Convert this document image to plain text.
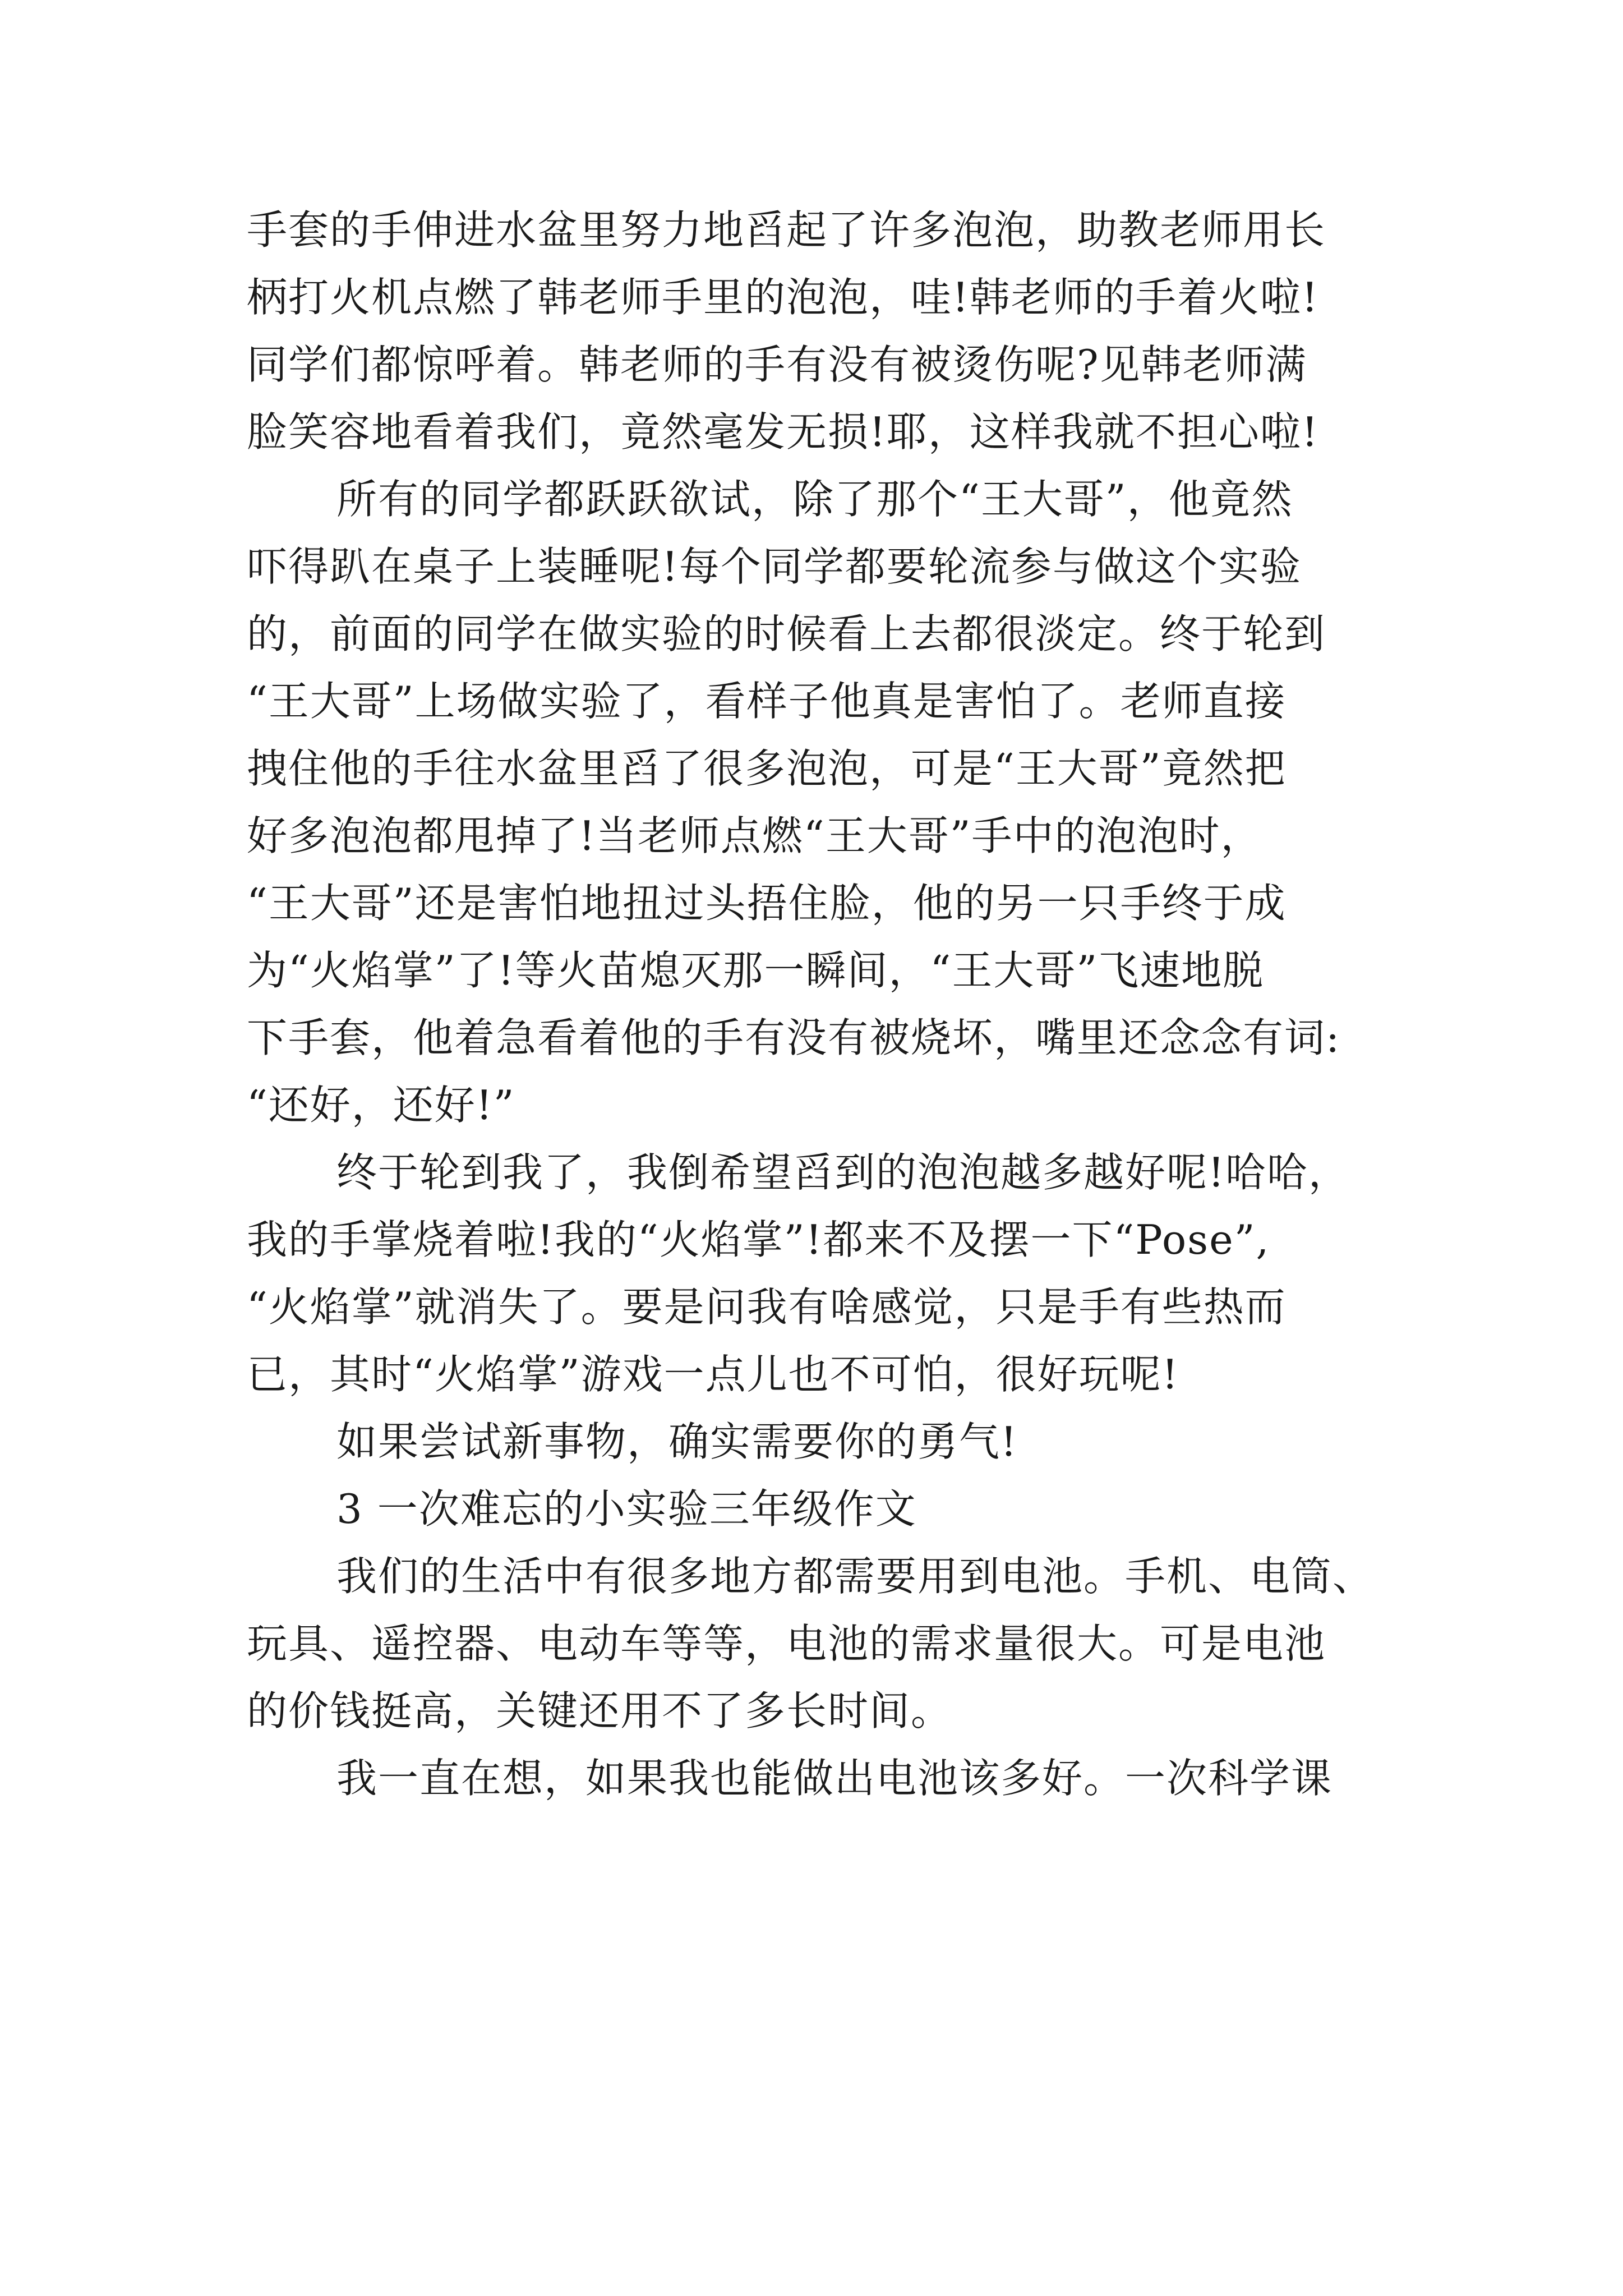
手套的手伸进水盆里努力地舀起了许多泡泡，助教老师用长
柄打火机点燃了韩老师手里的泡泡，哇!韩老师的手着火啦!
同学们都惊呼着。韩老师的手有没有被烫伤呢?见韩老师满
脸笑容地看着我们，竟然毫发无损!耶，这样我就不担心啦!
所有的同学都跃跃欲试，除了那个“王大哥”，他竟然
吓得趴在桌子上装睡呢!每个同学都要轮流参与做这个实验
的，前面的同学在做实验的时候看上去都很淡定。终于轮到
“王大哥”上场做实验了，看样子他真是害怕了。老师直接
拽住他的手往水盆里舀了很多泡泡，可是“王大哥”竟然把
好多泡泡都甩掉了!当老师点燃“王大哥”手中的泡泡时，
“王大哥”还是害怕地扭过头捂住脸，他的另一只手终于成
为“火焰掌”了!等火苗熄灭那一瞬间，“王大哥”飞速地脱
下手套，他着急看着他的手有没有被烧坏，嘴里还念念有词:
“还好，还好!”
终于轮到我了，我倒希望舀到的泡泡越多越好呢!哈哈，
我的手掌烧着啦!我的“火焰掌”!都来不及摆一下“Pose”,
“火焰掌”就消失了。要是问我有啥感觉，只是手有些热而
已，其时“火焰掌”游戏一点儿也不可怕，很好玩呢!
如果尝试新事物，确实需要你的勇气!
3 一次难忘的小实验三年级作文
我们的生活中有很多地方都需要用到电池。手机、电筒、
玩具、遥控器、电动车等等，电池的需求量很大。可是电池
的价钱挺高，关键还用不了多长时间。
我一直在想，如果我也能做出电池该多好。一次科学课
